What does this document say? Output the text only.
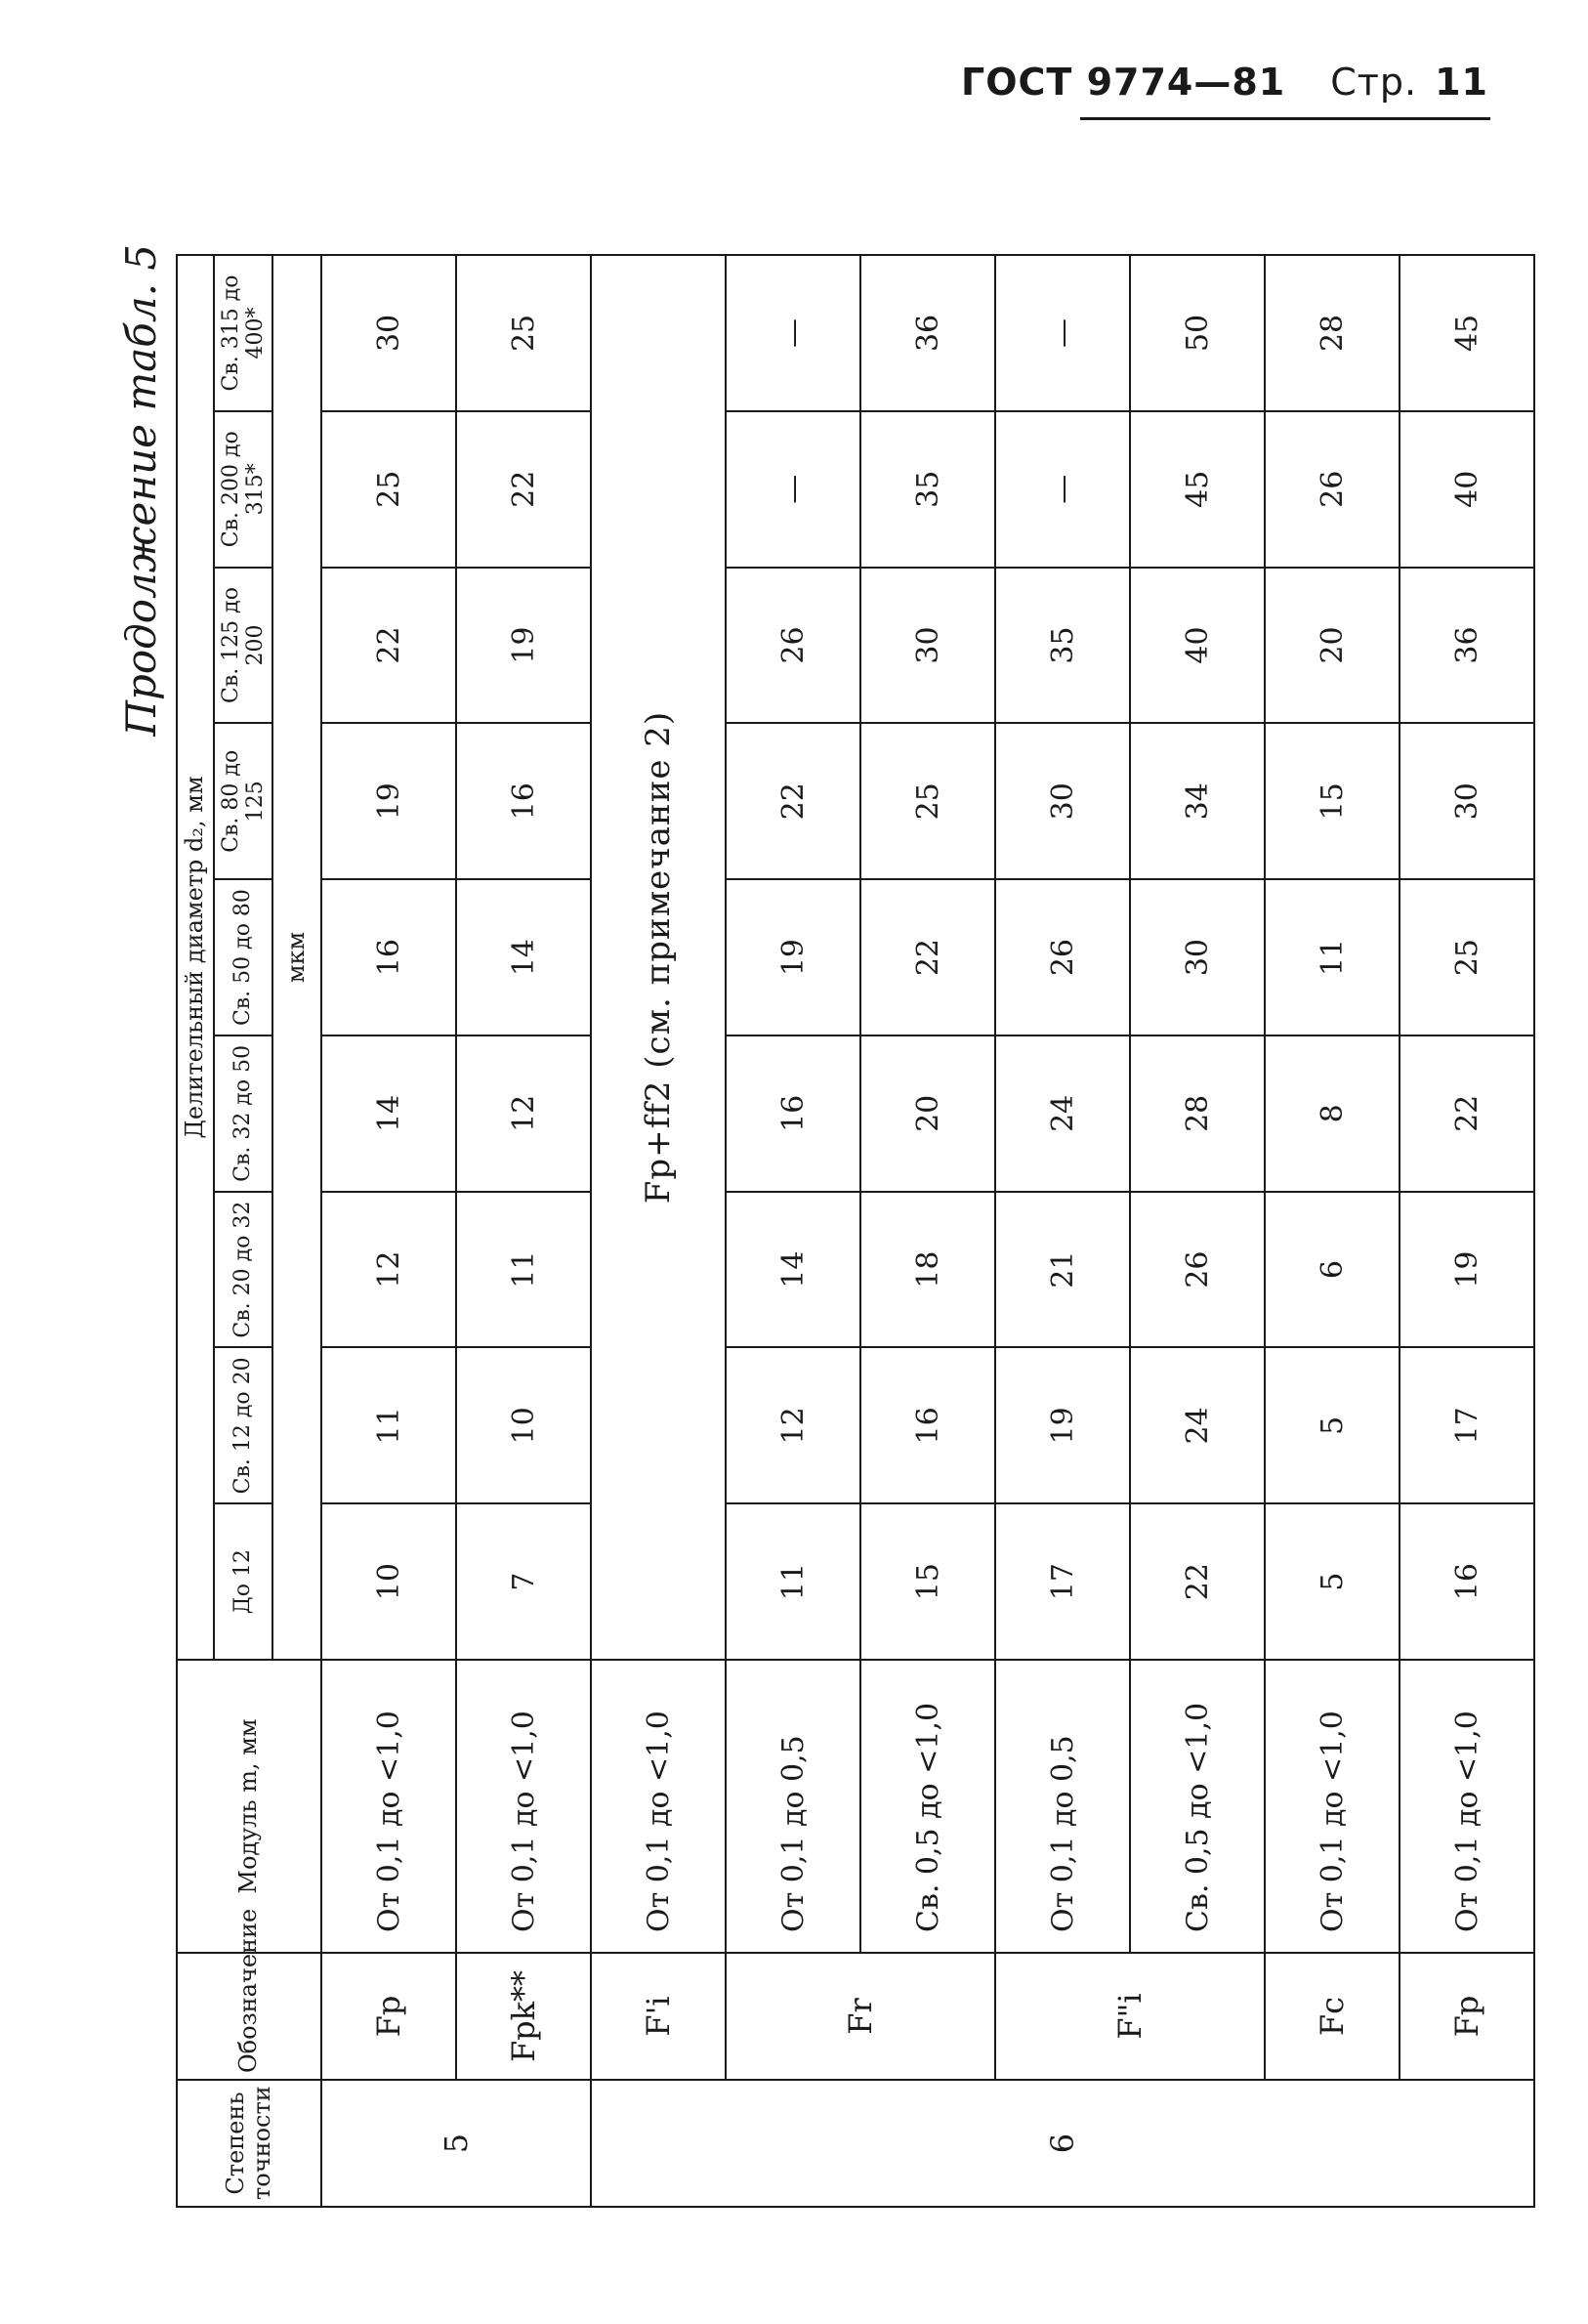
ГОСТ 9774—81 Стр. 11
Продолжение табл. 5
Степень точности	Обозначение	Модуль m, мм	Делительный диаметр d₂, мм								
			До 12	Св. 12 до 20	Св. 20 до 32	Св. 32 до 50	Св. 50 до 80	Св. 80 до 125	Св. 125 до 200	Св. 200 до 315*	Св. 315 до 400*
			мкм								
5	Fp	От 0,1 до <1,0	10	11	12	14	16	19	22	25	30
	Fpk**	От 0,1 до <1,0	7	10	11	12	14	16	19	22	25
6	F'i	От 0,1 до <1,0	Fp+ff2 (см. примечание 2)								
	Fr	От 0,1 до 0,5	11	12	14	16	19	22	26	—	—
		Св. 0,5 до <1,0	15	16	18	20	22	25	30	35	36
	F"i	От 0,1 до 0,5	17	19	21	24	26	30	35	—	—
		Св. 0,5 до <1,0	22	24	26	28	30	34	40	45	50
	Fc	От 0,1 до <1,0	5	5	6	8	11	15	20	26	28
	Fp	От 0,1 до <1,0	16	17	19	22	25	30	36	40	45
